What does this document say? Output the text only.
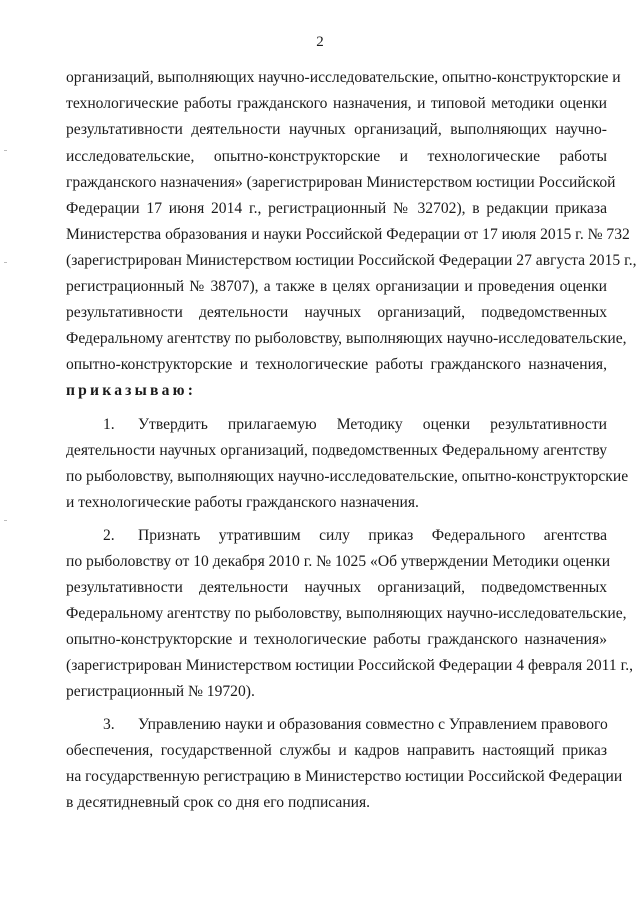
2
организаций, выполняющих научно-исследовательские, опытно-конструкторские и
технологические работы гражданского назначения, и типовой методики оценки
результативности деятельности научных организаций, выполняющих научно-
исследовательские, опытно-конструкторские и технологические работы
гражданского назначения» (зарегистрирован Министерством юстиции Российской
Федерации 17 июня 2014 г., регистрационный № 32702), в редакции приказа
Министерства образования и науки Российской Федерации от 17 июля 2015 г. № 732
(зарегистрирован Министерством юстиции Российской Федерации 27 августа 2015 г.,
регистрационный № 38707), а также в целях организации и проведения оценки
результативности деятельности научных организаций, подведомственных
Федеральному агентству по рыболовству, выполняющих научно-исследовательские,
опытно-конструкторские и технологические работы гражданского назначения,
приказываю:
1. Утвердить прилагаемую Методику оценки результативности
деятельности научных организаций, подведомственных Федеральному агентству
по рыболовству, выполняющих научно-исследовательские, опытно-конструкторские
и технологические работы гражданского назначения.
2. Признать утратившим силу приказ Федерального агентства
по рыболовству от 10 декабря 2010 г. № 1025 «Об утверждении Методики оценки
результативности деятельности научных организаций, подведомственных
Федеральному агентству по рыболовству, выполняющих научно-исследовательские,
опытно-конструкторские и технологические работы гражданского назначения»
(зарегистрирован Министерством юстиции Российской Федерации 4 февраля 2011 г.,
регистрационный № 19720).
3. Управлению науки и образования совместно с Управлением правового
обеспечения, государственной службы и кадров направить настоящий приказ
на государственную регистрацию в Министерство юстиции Российской Федерации
в десятидневный срок со дня его подписания.
